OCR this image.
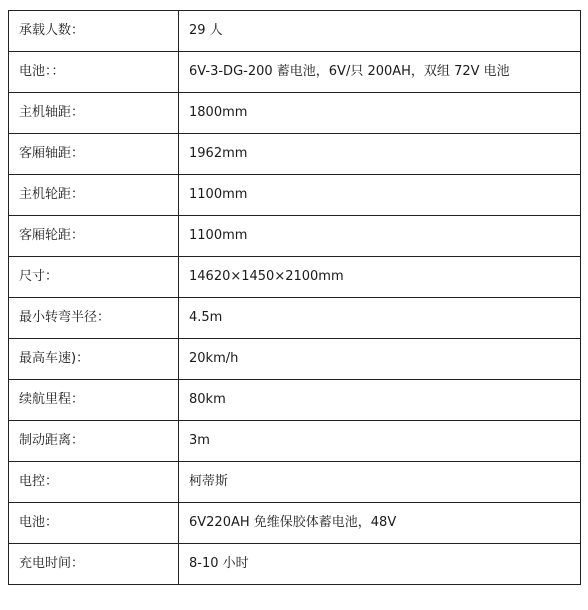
承载人数：	29 人
电池：：	6V-3-DG-200 蓄电池，6V/只 200AH，双组 72V 电池
主机轴距：	1800mm
客厢轴距：	1962mm
主机轮距：	1100mm
客厢轮距：	1100mm
尺寸：	14620×1450×2100mm
最小转弯半径：	4.5m
最高车速)：	20km/h
续航里程：	80km
制动距离：	3m
电控：	柯蒂斯
电池：	6V220AH 免维保胶体蓄电池，48V
充电时间：	8-10 小时
